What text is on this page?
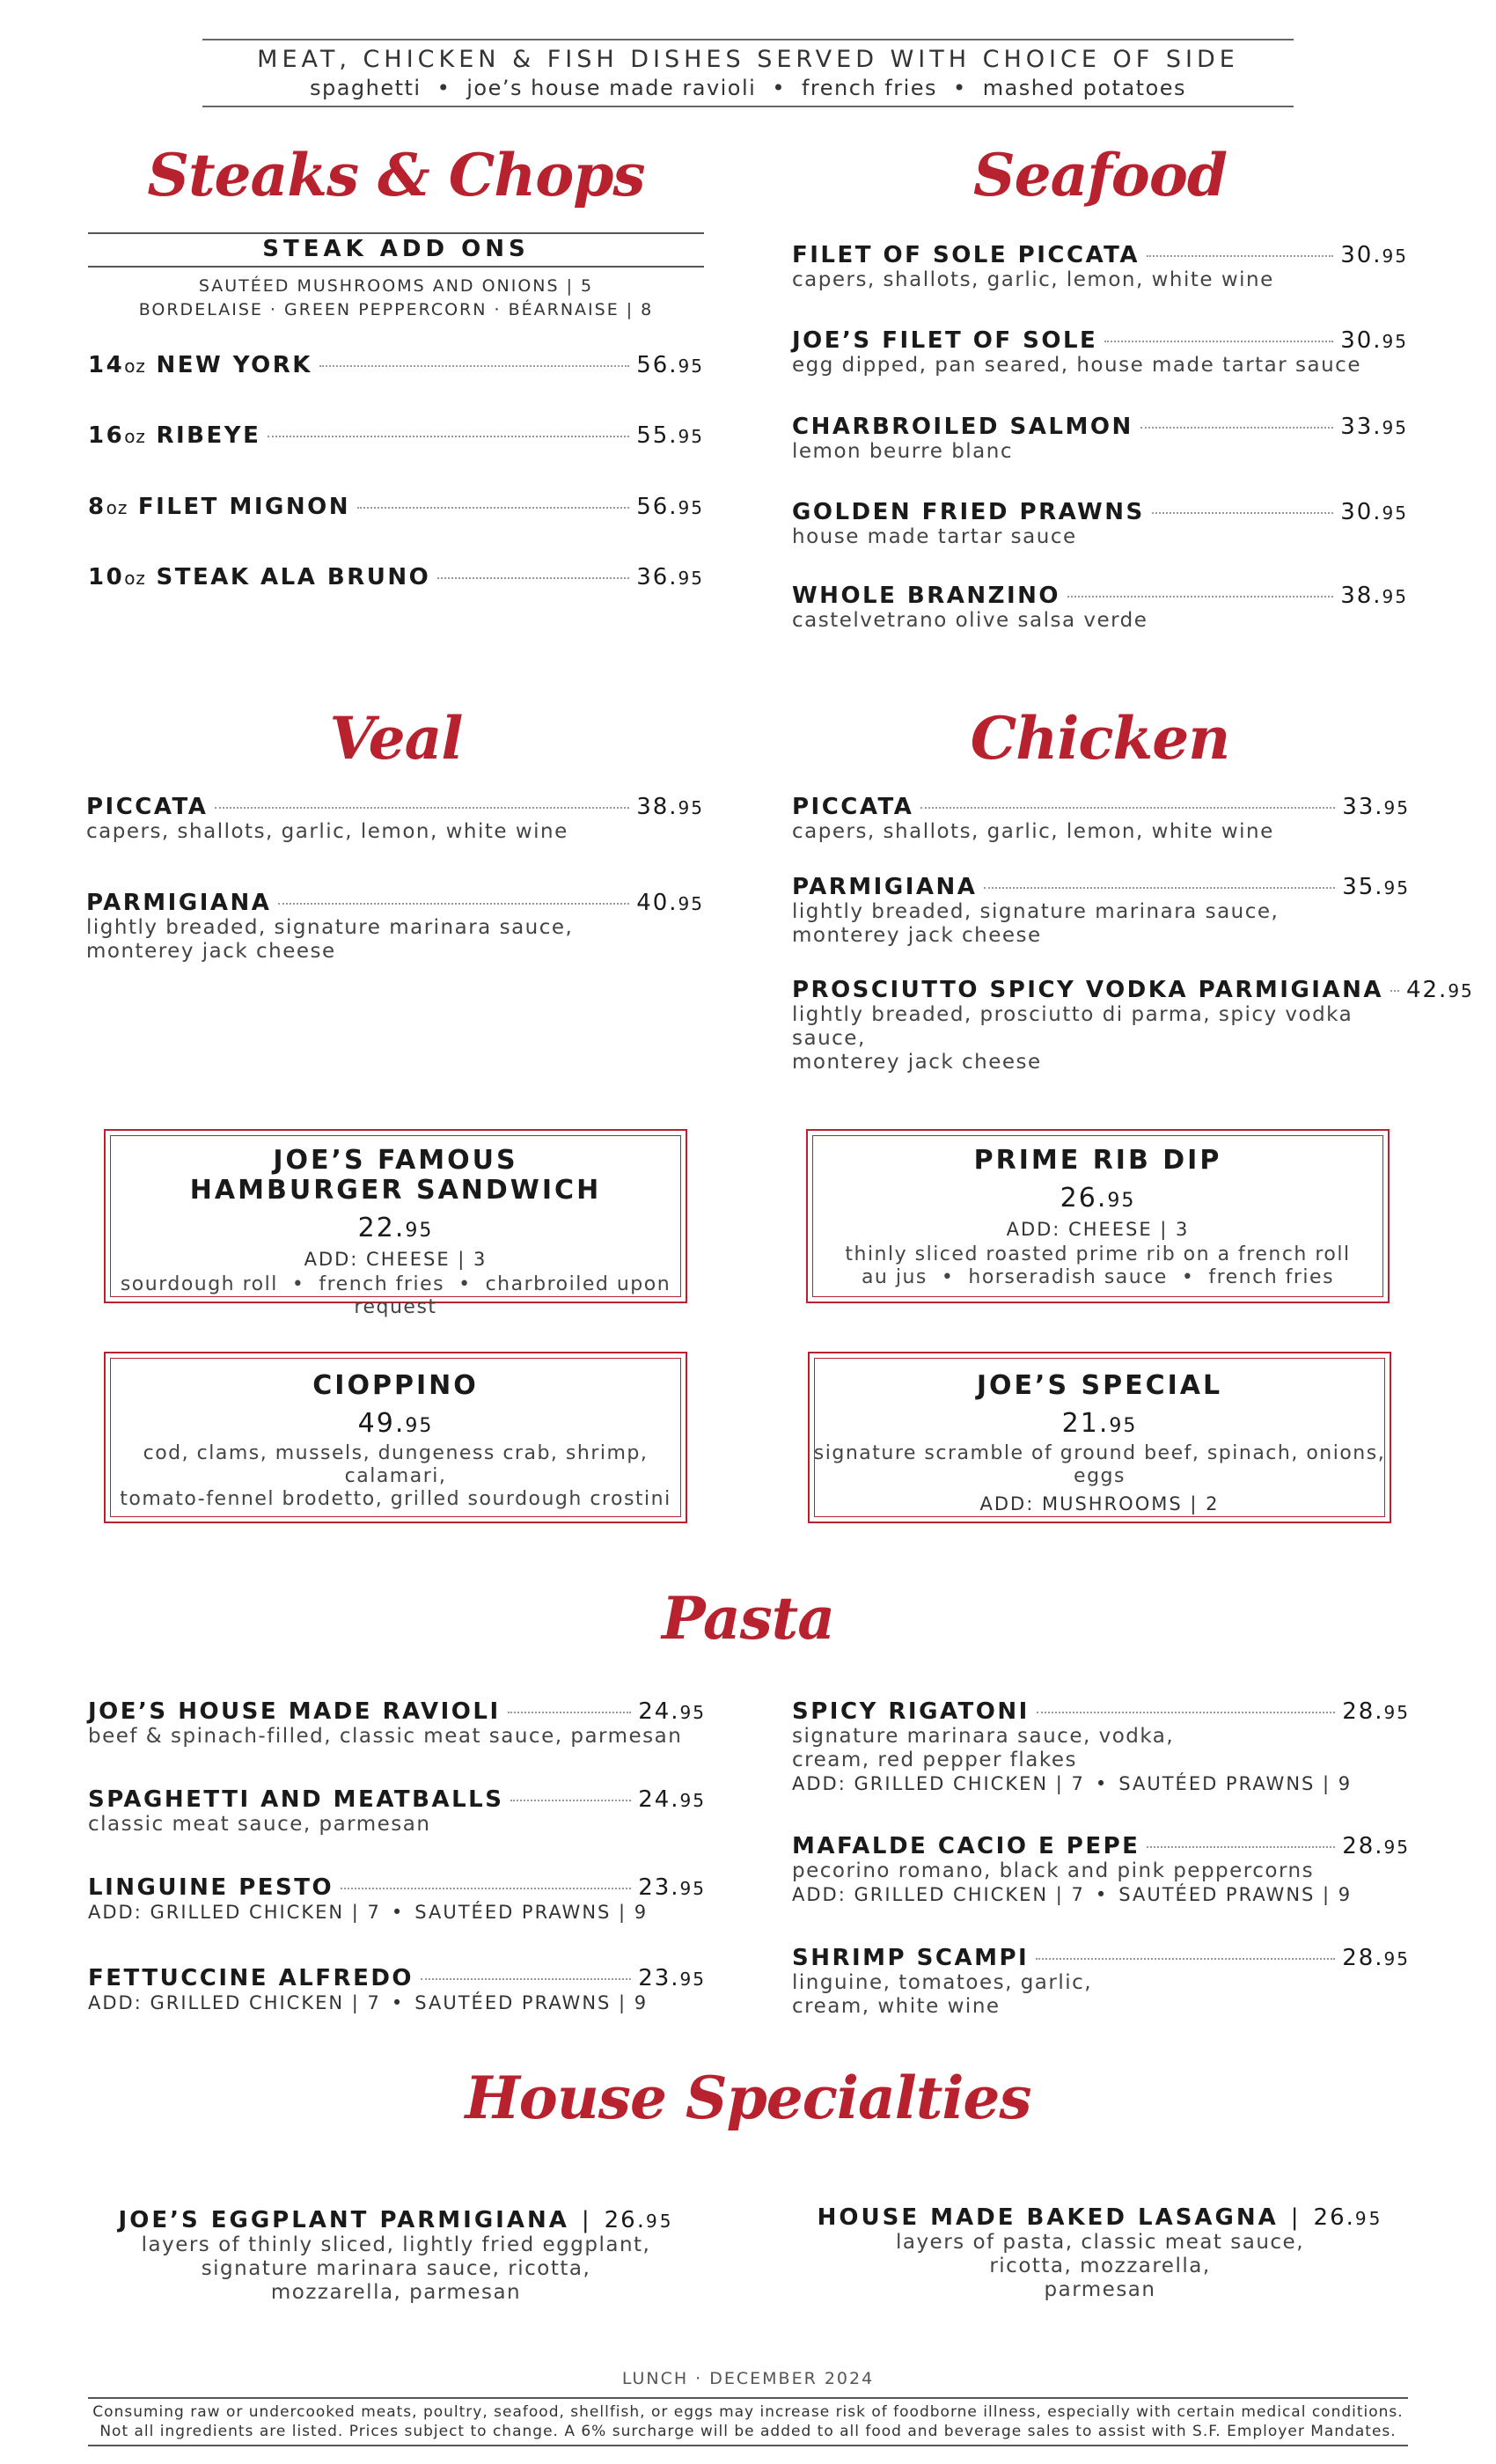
MEAT, CHICKEN & FISH DISHES SERVED WITH CHOICE OF SIDE
spaghetti • joe’s house made ravioli • french fries • mashed potatoes
Steaks & Chops
STEAK ADD ONS
SAUTÉED MUSHROOMS AND ONIONS | 5
BORDELAISE · GREEN PEPPERCORN · BÉARNAISE | 8
14oz NEW YORK	56.95
16oz RIBEYE	55.95
8oz FILET MIGNON	56.95
10oz STEAK ALA BRUNO	36.95
Seafood
FILET OF SOLE PICCATA	30.95
capers, shallots, garlic, lemon, white wine
JOE’S FILET OF SOLE	30.95
egg dipped, pan seared, house made tartar sauce
CHARBROILED SALMON	33.95
lemon beurre blanc
GOLDEN FRIED PRAWNS	30.95
house made tartar sauce
WHOLE BRANZINO	38.95
castelvetrano olive salsa verde
Veal
PICCATA	38.95
capers, shallots, garlic, lemon, white wine
PARMIGIANA	40.95
lightly breaded, signature marinara sauce,
monterey jack cheese
Chicken
PICCATA	33.95
capers, shallots, garlic, lemon, white wine
PARMIGIANA	35.95
lightly breaded, signature marinara sauce,
monterey jack cheese
PROSCIUTTO SPICY VODKA PARMIGIANA 42.95
lightly breaded, prosciutto di parma, spicy vodka sauce,
monterey jack cheese
JOE’S FAMOUS
HAMBURGER SANDWICH
22.95
ADD: CHEESE | 3
sourdough roll • french fries • charbroiled upon request
PRIME RIB DIP
26.95
ADD: CHEESE | 3
thinly sliced roasted prime rib on a french roll
au jus • horseradish sauce • french fries
CIOPPINO
49.95
cod, clams, mussels, dungeness crab, shrimp, calamari,
tomato-fennel brodetto, grilled sourdough crostini
JOE’S SPECIAL
21.95
signature scramble of ground beef, spinach, onions, eggs
ADD: MUSHROOMS | 2
Pasta
JOE’S HOUSE MADE RAVIOLI	24.95
beef & spinach-filled, classic meat sauce, parmesan
SPAGHETTI AND MEATBALLS	24.95
classic meat sauce, parmesan
LINGUINE PESTO	23.95
ADD: GRILLED CHICKEN | 7 • SAUTÉED PRAWNS | 9
FETTUCCINE ALFREDO	23.95
ADD: GRILLED CHICKEN | 7 • SAUTÉED PRAWNS | 9
SPICY RIGATONI	28.95
signature marinara sauce, vodka,
cream, red pepper flakes
ADD: GRILLED CHICKEN | 7 • SAUTÉED PRAWNS | 9
MAFALDE CACIO E PEPE	28.95
pecorino romano, black and pink peppercorns
ADD: GRILLED CHICKEN | 7 • SAUTÉED PRAWNS | 9
SHRIMP SCAMPI	28.95
linguine, tomatoes, garlic,
cream, white wine
House Specialties
JOE’S EGGPLANT PARMIGIANA | 26.95
layers of thinly sliced, lightly fried eggplant,
signature marinara sauce, ricotta,
mozzarella, parmesan
HOUSE MADE BAKED LASAGNA | 26.95
layers of pasta, classic meat sauce,
ricotta, mozzarella,
parmesan
LUNCH · DECEMBER 2024
Consuming raw or undercooked meats, poultry, seafood, shellfish, or eggs may increase risk of foodborne illness, especially with certain medical conditions.
Not all ingredients are listed. Prices subject to change. A 6% surcharge will be added to all food and beverage sales to assist with S.F. Employer Mandates.
